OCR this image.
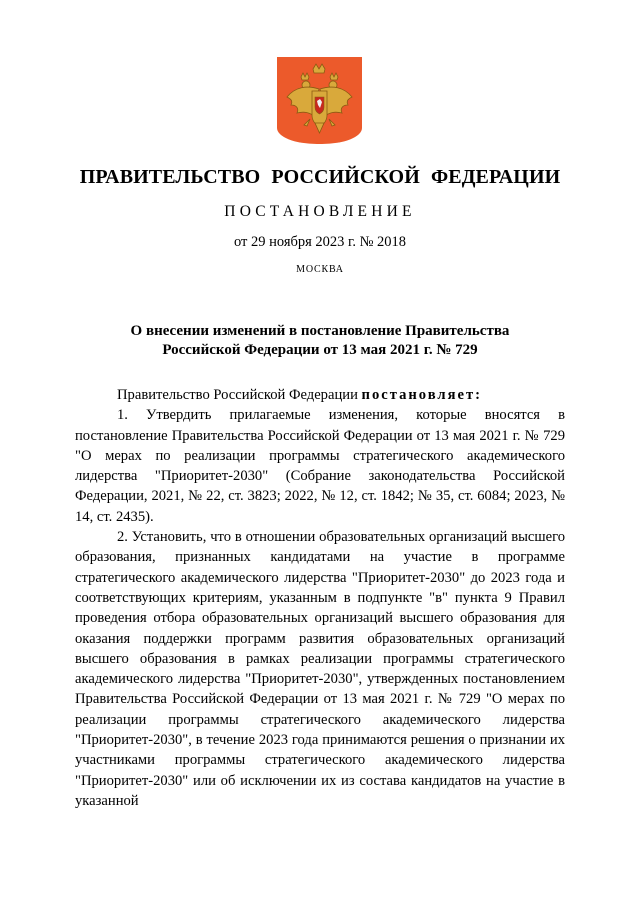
ПРАВИТЕЛЬСТВО РОССИЙСКОЙ ФЕДЕРАЦИИ
ПОСТАНОВЛЕНИЕ
от 29 ноября 2023 г. № 2018
МОСКВА
О внесении изменений в постановление Правительства
Российской Федерации от 13 мая 2021 г. № 729

Правительство Российской Федерации постановляет:

1. Утвердить прилагаемые изменения, которые вносятся в постановление Правительства Российской Федерации от 13 мая 2021 г. № 729 "О мерах по реализации программы стратегического академического лидерства "Приоритет-2030" (Собрание законодательства Российской Федерации, 2021, № 22, ст. 3823; 2022, № 12, ст. 1842; № 35, ст. 6084; 2023, № 14, ст. 2435).

2. Установить, что в отношении образовательных организаций высшего образования, признанных кандидатами на участие в программе стратегического академического лидерства "Приоритет-2030" до 2023 года и соответствующих критериям, указанным в подпункте "в" пункта 9 Правил проведения отбора образовательных организаций высшего образования для оказания поддержки программ развития образовательных организаций высшего образования в рамках реализации программы стратегического академического лидерства "Приоритет-2030", утвержденных постановлением Правительства Российской Федерации от 13 мая 2021 г. № 729 "О мерах по реализации программы стратегического академического лидерства "Приоритет-2030", в течение 2023 года принимаются решения о признании их участниками программы стратегического академического лидерства "Приоритет-2030" или об исключении их из состава кандидатов на участие в указанной
